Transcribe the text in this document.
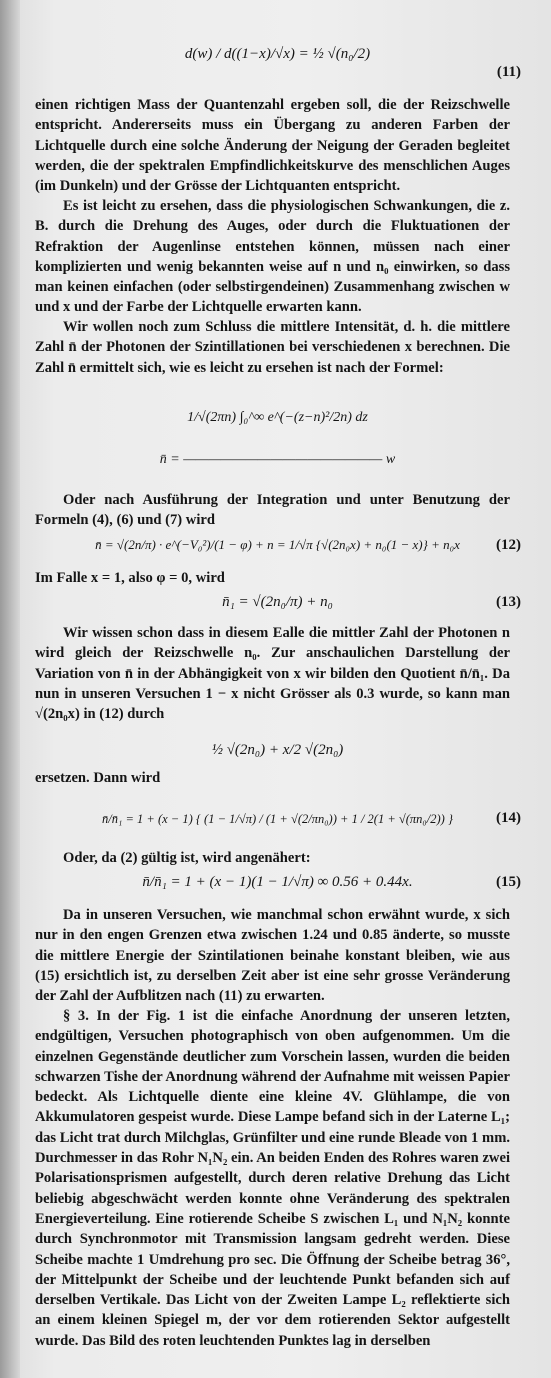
d(w) / d((1−x)/√x) = ½ √(n₀/2)
(11)

einen richtigen Mass der Quantenzahl ergeben soll, die der Reizschwelle entspricht. Andererseits muss ein Übergang zu anderen Farben der Lichtquelle durch eine solche Änderung der Neigung der Geraden begleitet werden, die der spektralen Empfindlichkeitskurve des menschlichen Auges (im Dunkeln) und der Grösse der Lichtquanten entspricht.

Es ist leicht zu ersehen, dass die physiologischen Schwankungen, die z. B. durch die Drehung des Auges, oder durch die Fluktuationen der Refraktion der Augenlinse entstehen können, müssen nach einer komplizierten und wenig bekannten weise auf n und n₀ einwirken, so dass man keinen einfachen (oder selbstirgendeinen) Zusammenhang zwischen w und x und der Farbe der Lichtquelle erwarten kann.

Wir wollen noch zum Schluss die mittlere Intensität, d. h. die mittlere Zahl n̄ der Photonen der Szintillationen bei verschiedenen x berechnen. Die Zahl n̄ ermittelt sich, wie es leicht zu ersehen ist nach der Formel:

1/√(2πn) ∫₀^∞ e^(−(z−n)²/2n) dz
n̄ = ———————————————— w

Oder nach Ausführung der Integration und unter Benutzung der Formeln (4), (6) und (7) wird

n̄ = √(2n/π) · e^(−V₀²)/(1 − φ) + n = 1/√π {√(2n₀x) + n₀(1 − x)} + n₀x	(12)

Im Falle x = 1, also φ = 0, wird

n̄₁ = √(2n₀/π) + n₀	(13)

Wir wissen schon dass in diesem Ealle die mittler Zahl der Photonen n wird gleich der Reizschwelle n₀. Zur anschaulichen Darstellung der Variation von n̄ in der Abhängigkeit von x wir bilden den Quotient n̄/n̄₁. Da nun in unseren Versuchen 1 − x nicht Grösser als 0.3 wurde, so kann man √(2n₀x) in (12) durch

½ √(2n₀) + x/2 √(2n₀)

ersetzen. Dann wird

n̄/n̄₁ = 1 + (x − 1) { (1 − 1/√π) / (1 + √(2/πn₀)) + 1 / 2(1 + √(πn₀/2)) }	(14)

Oder, da (2) gültig ist, wird angenähert:

n̄/n̄₁ = 1 + (x − 1)(1 − 1/√π) ∞ 0.56 + 0.44x.	(15)

Da in unseren Versuchen, wie manchmal schon erwähnt wurde, x sich nur in den engen Grenzen etwa zwischen 1.24 und 0.85 änderte, so musste die mittlere Energie der Szintilationen beinahe konstant bleiben, wie aus (15) ersichtlich ist, zu derselben Zeit aber ist eine sehr grosse Veränderung der Zahl der Aufblitzen nach (11) zu erwarten.

§ 3. In der Fig. 1 ist die einfache Anordnung der unseren letzten, endgültigen, Versuchen photographisch von oben aufgenommen. Um die einzelnen Gegenstände deutlicher zum Vorschein lassen, wurden die beiden schwarzen Tishe der Anordnung während der Aufnahme mit weissen Papier bedeckt. Als Lichtquelle diente eine kleine 4V. Glühlampe, die von Akkumulatoren gespeist wurde. Diese Lampe befand sich in der Laterne L₁; das Licht trat durch Milchglas, Grünfilter und eine runde Bleade von 1 mm. Durchmesser in das Rohr N₁N₂ ein. An beiden Enden des Rohres waren zwei Polarisationsprismen aufgestellt, durch deren relative Drehung das Licht beliebig abgeschwächt werden konnte ohne Veränderung des spektralen Energieverteilung. Eine rotierende Scheibe S zwischen L₁ und N₁N₂ konnte durch Synchronmotor mit Transmission langsam gedreht werden. Diese Scheibe machte 1 Umdrehung pro sec. Die Öffnung der Scheibe betrag 36°, der Mittelpunkt der Scheibe und der leuchtende Punkt befanden sich auf derselben Vertikale. Das Licht von der Zweiten Lampe L₂ reflektierte sich an einem kleinen Spiegel m, der vor dem rotierenden Sektor aufgestellt wurde. Das Bild des roten leuchtenden Punktes lag in derselben
